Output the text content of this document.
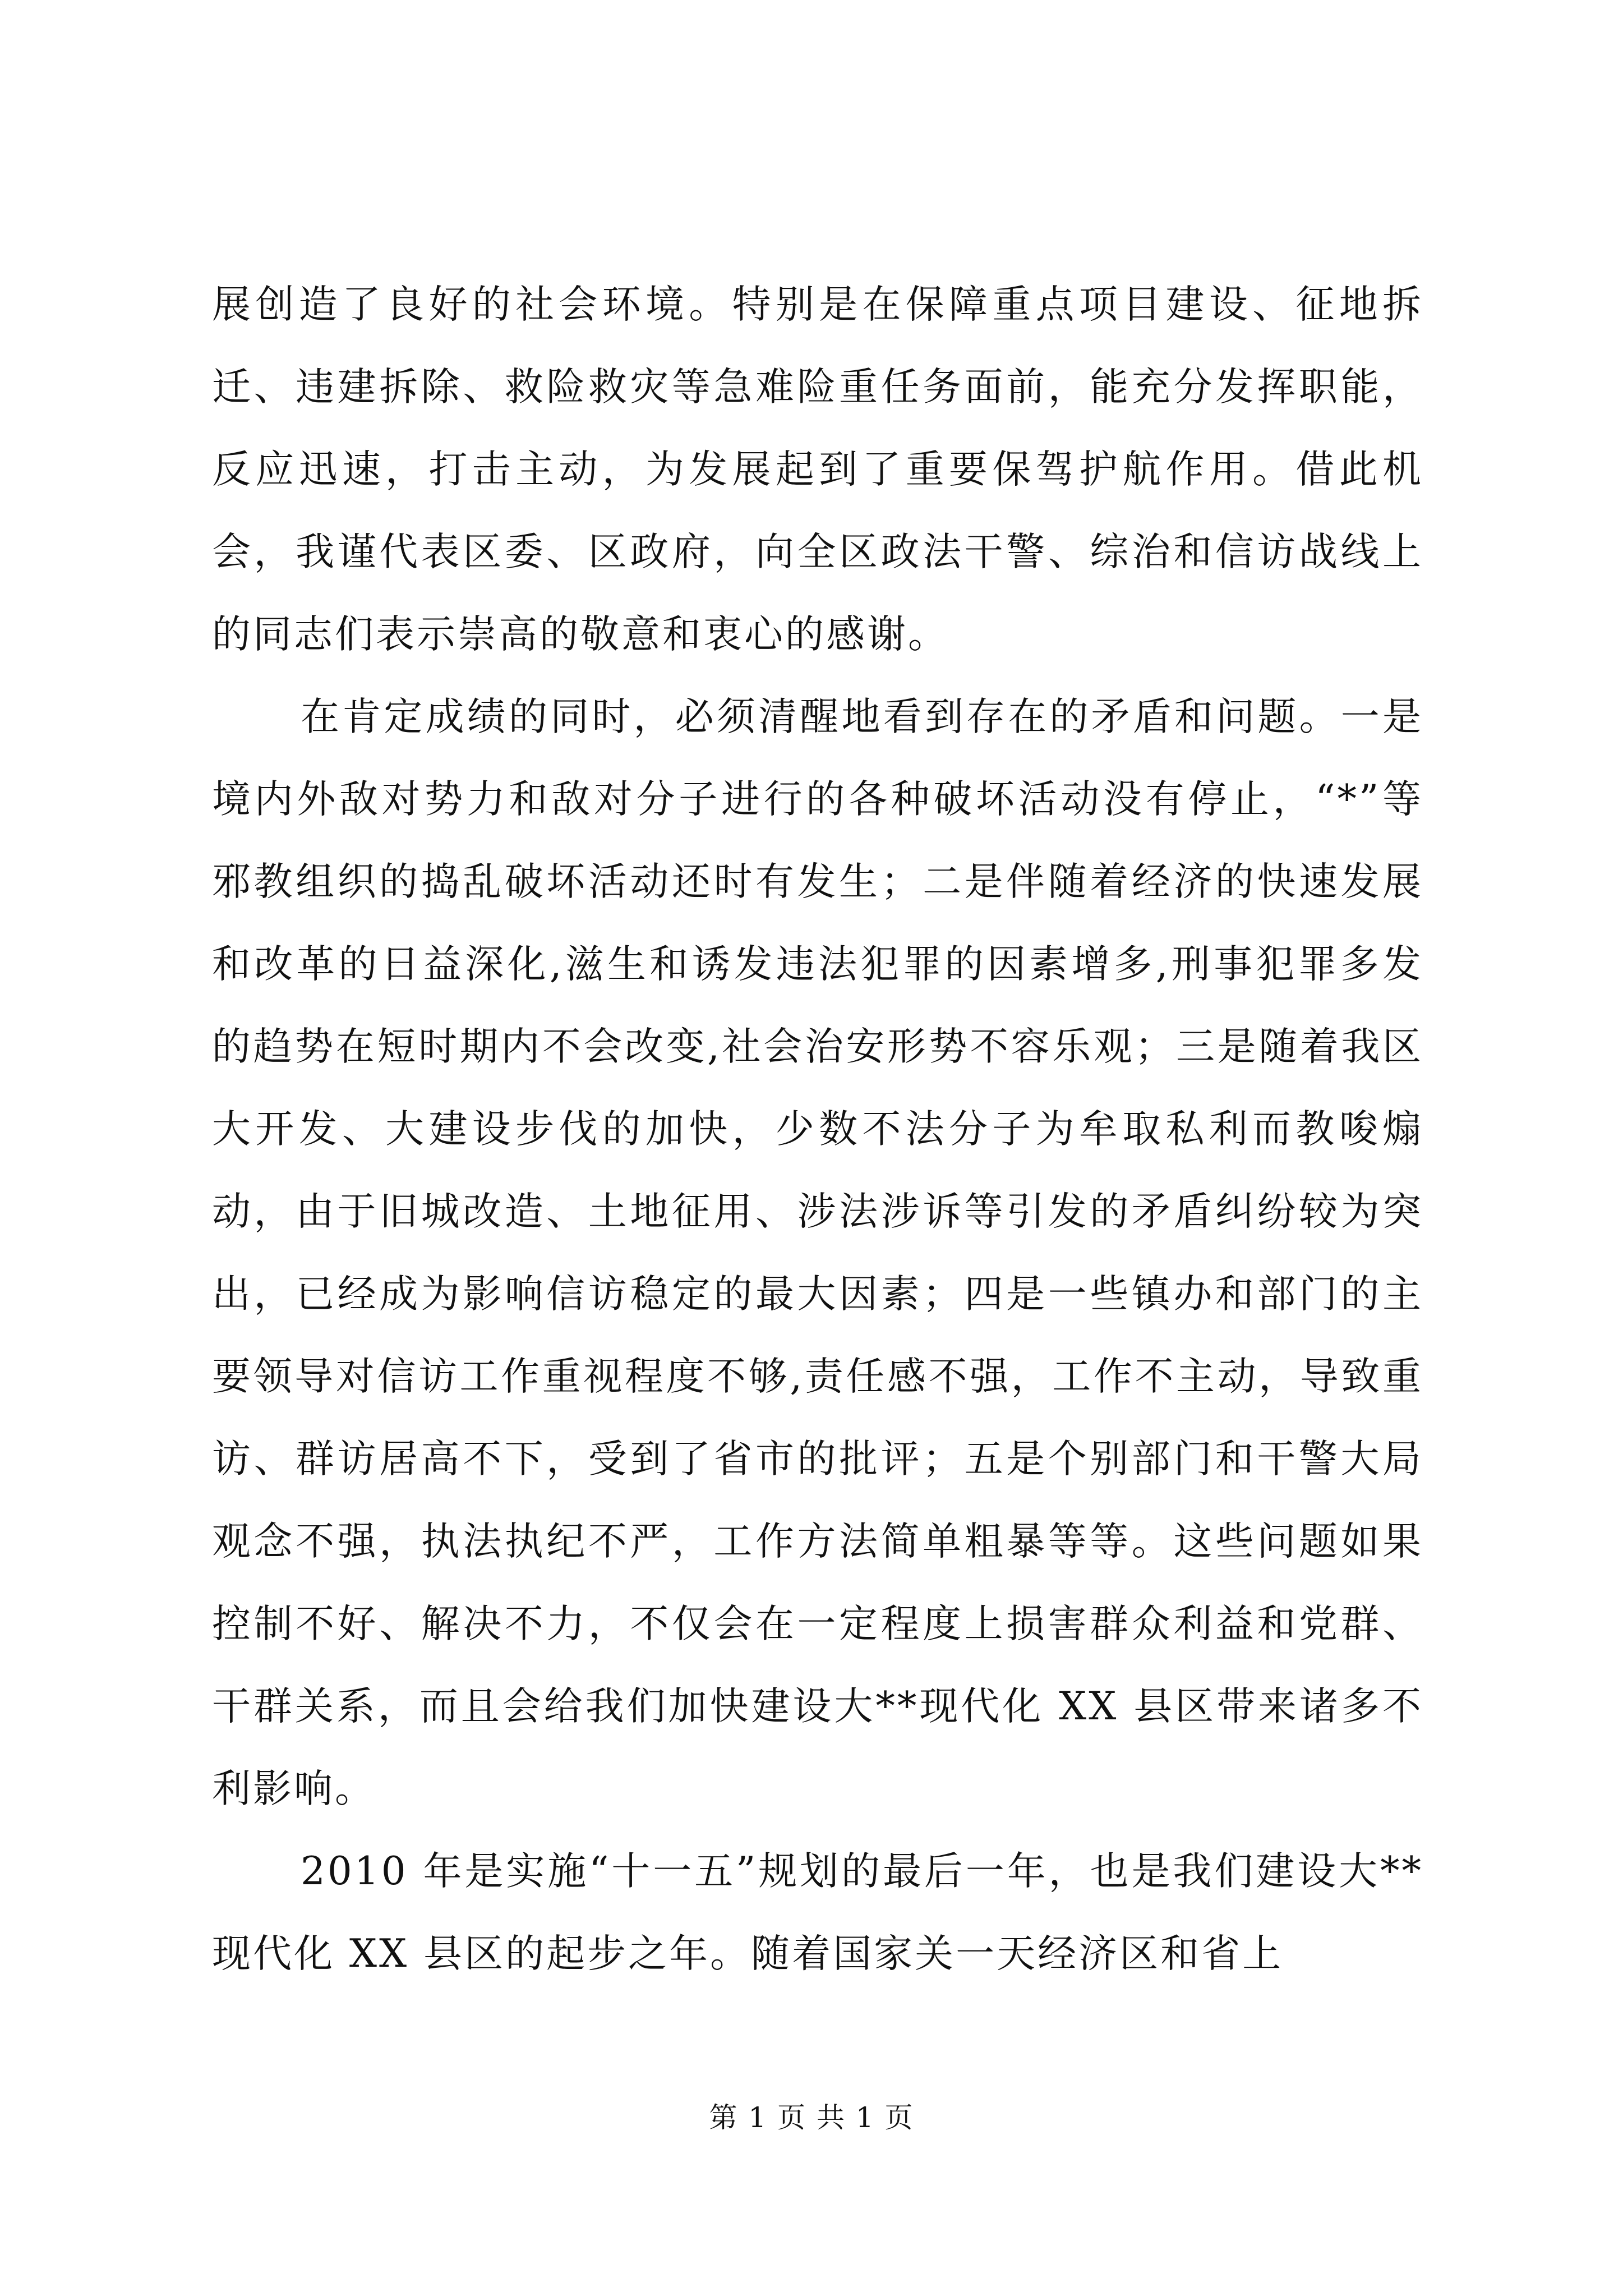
展创造了良好的社会环境。特别是在保障重点项目建设、征地拆迁、违建拆除、救险救灾等急难险重任务面前，能充分发挥职能，反应迅速，打击主动，为发展起到了重要保驾护航作用。借此机会，我谨代表区委、区政府，向全区政法干警、综治和信访战线上的同志们表示崇高的敬意和衷心的感谢。

在肯定成绩的同时，必须清醒地看到存在的矛盾和问题。一是境内外敌对势力和敌对分子进行的各种破坏活动没有停止，“*”等邪教组织的捣乱破坏活动还时有发生；二是伴随着经济的快速发展和改革的日益深化,滋生和诱发违法犯罪的因素增多,刑事犯罪多发的趋势在短时期内不会改变,社会治安形势不容乐观；三是随着我区大开发、大建设步伐的加快，少数不法分子为牟取私利而教唆煽动，由于旧城改造、土地征用、涉法涉诉等引发的矛盾纠纷较为突出，已经成为影响信访稳定的最大因素；四是一些镇办和部门的主要领导对信访工作重视程度不够,责任感不强，工作不主动，导致重访、群访居高不下，受到了省市的批评；五是个别部门和干警大局观念不强，执法执纪不严，工作方法简单粗暴等等。这些问题如果控制不好、解决不力，不仅会在一定程度上损害群众利益和党群、干群关系，而且会给我们加快建设大**现代化 XX 县区带来诸多不利影响。

2010 年是实施“十一五”规划的最后一年，也是我们建设大**现代化 XX 县区的起步之年。随着国家关一天经济区和省上

第 1 页 共 1 页
